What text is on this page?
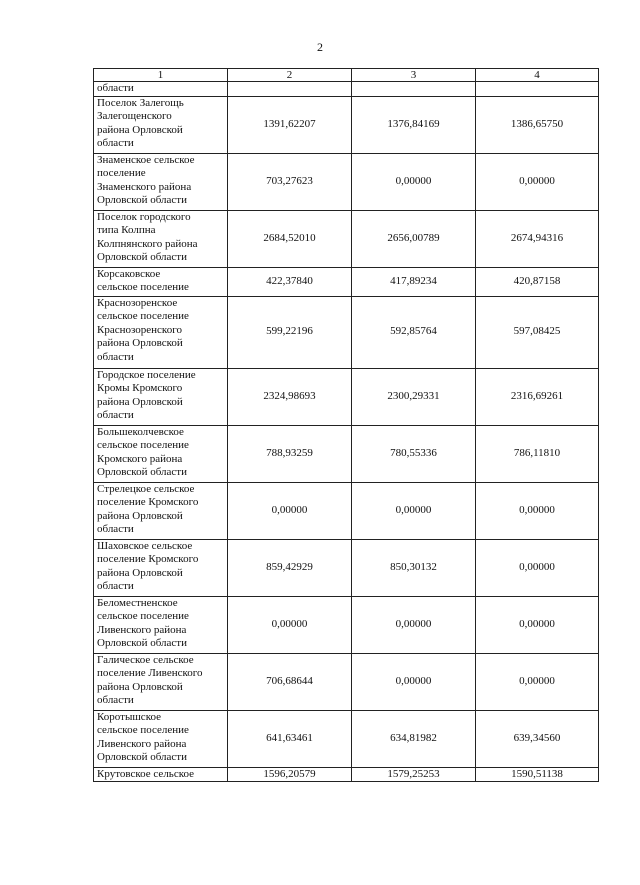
2
1	2	3	4
области			
Поселок Залегощь
Залегощенского
района Орловской
области	1391,62207	1376,84169	1386,65750
Знаменское сельское
поселение
Знаменского района
Орловской области	703,27623	0,00000	0,00000
Поселок городского
типа Колпна
Колпнянского района
Орловской области	2684,52010	2656,00789	2674,94316
Корсаковское
сельское поселение	422,37840	417,89234	420,87158
Краснозоренское
сельское поселение
Краснозоренского
района Орловской
области	599,22196	592,85764	597,08425
Городское поселение
Кромы Кромского
района Орловской
области	2324,98693	2300,29331	2316,69261
Большеколчевское
сельское поселение
Кромского района
Орловской области	788,93259	780,55336	786,11810
Стрелецкое сельское
поселение Кромского
района Орловской
области	0,00000	0,00000	0,00000
Шаховское сельское
поселение Кромского
района Орловской
области	859,42929	850,30132	0,00000
Беломестненское
сельское поселение
Ливенского района
Орловской области	0,00000	0,00000	0,00000
Галическое сельское
поселение Ливенского
района Орловской
области	706,68644	0,00000	0,00000
Коротышское
сельское поселение
Ливенского района
Орловской области	641,63461	634,81982	639,34560
Крутовское сельское	1596,20579	1579,25253	1590,51138
